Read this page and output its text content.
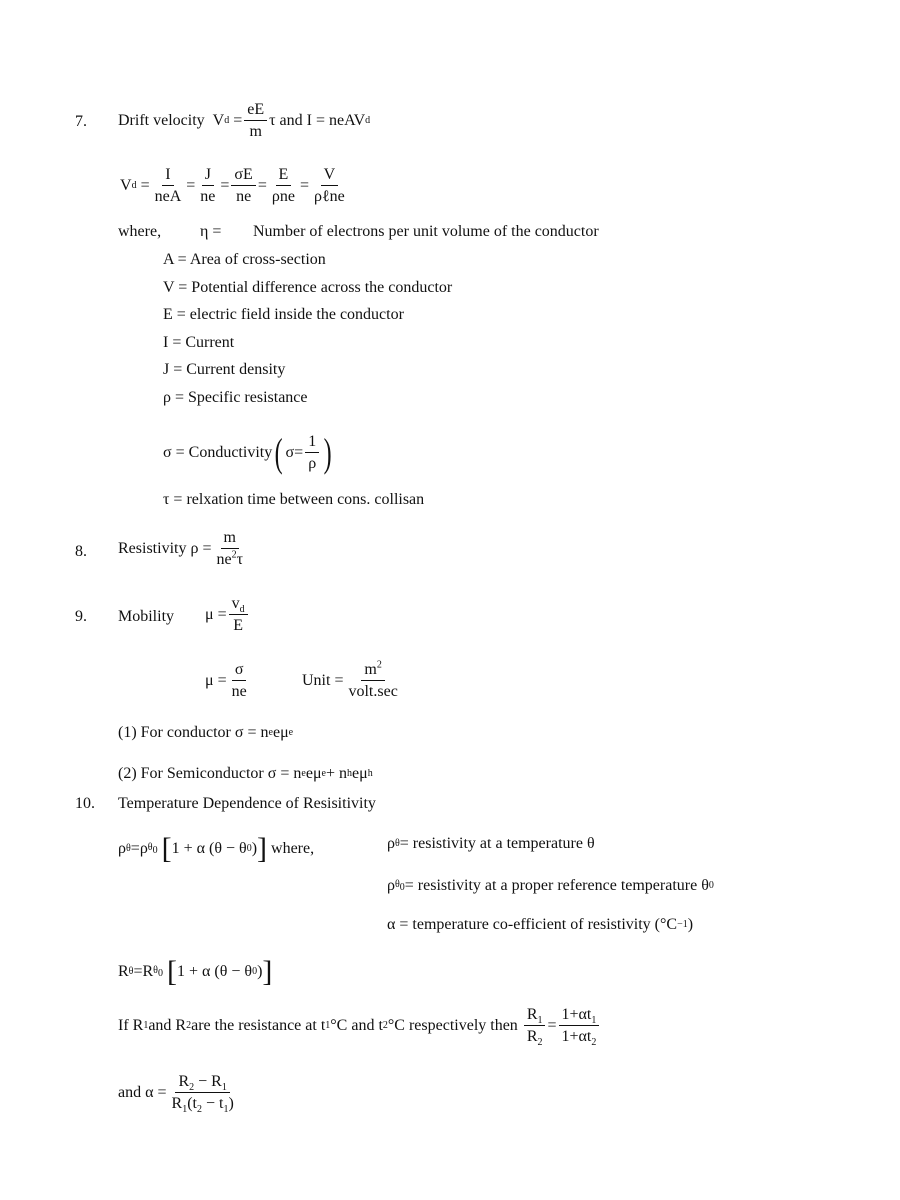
7. Drift velocity V d
= $\frac{eE}{m}$ τ and
I = neAV d
V d
= $\frac{I}{\text{neA}} = \frac{J}{ne} = \frac{\sigma E}{ne} = \frac{E}{\text{ρne}} = \frac{V}{\text{ρℓne}}$
where, η = Number of electrons per unit volume of the conductor
A = Area of cross-section
V = Potential difference across the conductor
E = electric field inside the conductor
I = Current
J = Current density
ρ = Specific resistance
σ = Conductivity ( $\sigma= \frac{1}{\rho}$ )
τ = relxation time between cons. collisan
8. Resistivity $\rho = \frac{m}{ne^2\tau}$
9. Mobility $\mu = \frac{v_d}{E}$
$\mu = \frac{\sigma}{ne}$	Unit = $\frac{m^2}{\text{volt.sec}}$
(1) For conductor
σ = n e eμ e
(2) For Semiconductor
σ = n e eμ e + n h eμ h
10. Temperature Dependence of Resisitivity
ρ θ = ρ $\theta_0$
[ 1 + α (θ − θ 0 ) ]
where,	ρ θ = resistivity at a temperature θ
ρ $\theta_0$ = resistivity at a proper reference temperature θ 0
α = temperature co-efficient of resistivity ( °C −1 )
R θ = R $\theta_0$
[ 1 + α (θ − θ 0 ) ]
If R 1 and R 2 are the resistance at t 1 °C and t 2 °C respectively then
$\frac{R_1}{R_2} = \frac{1+\alpha t_1}{1+\alpha t_2}$
and $\alpha = \frac{R_2 - R_1}{R_1(t_2 - t_1)}$
